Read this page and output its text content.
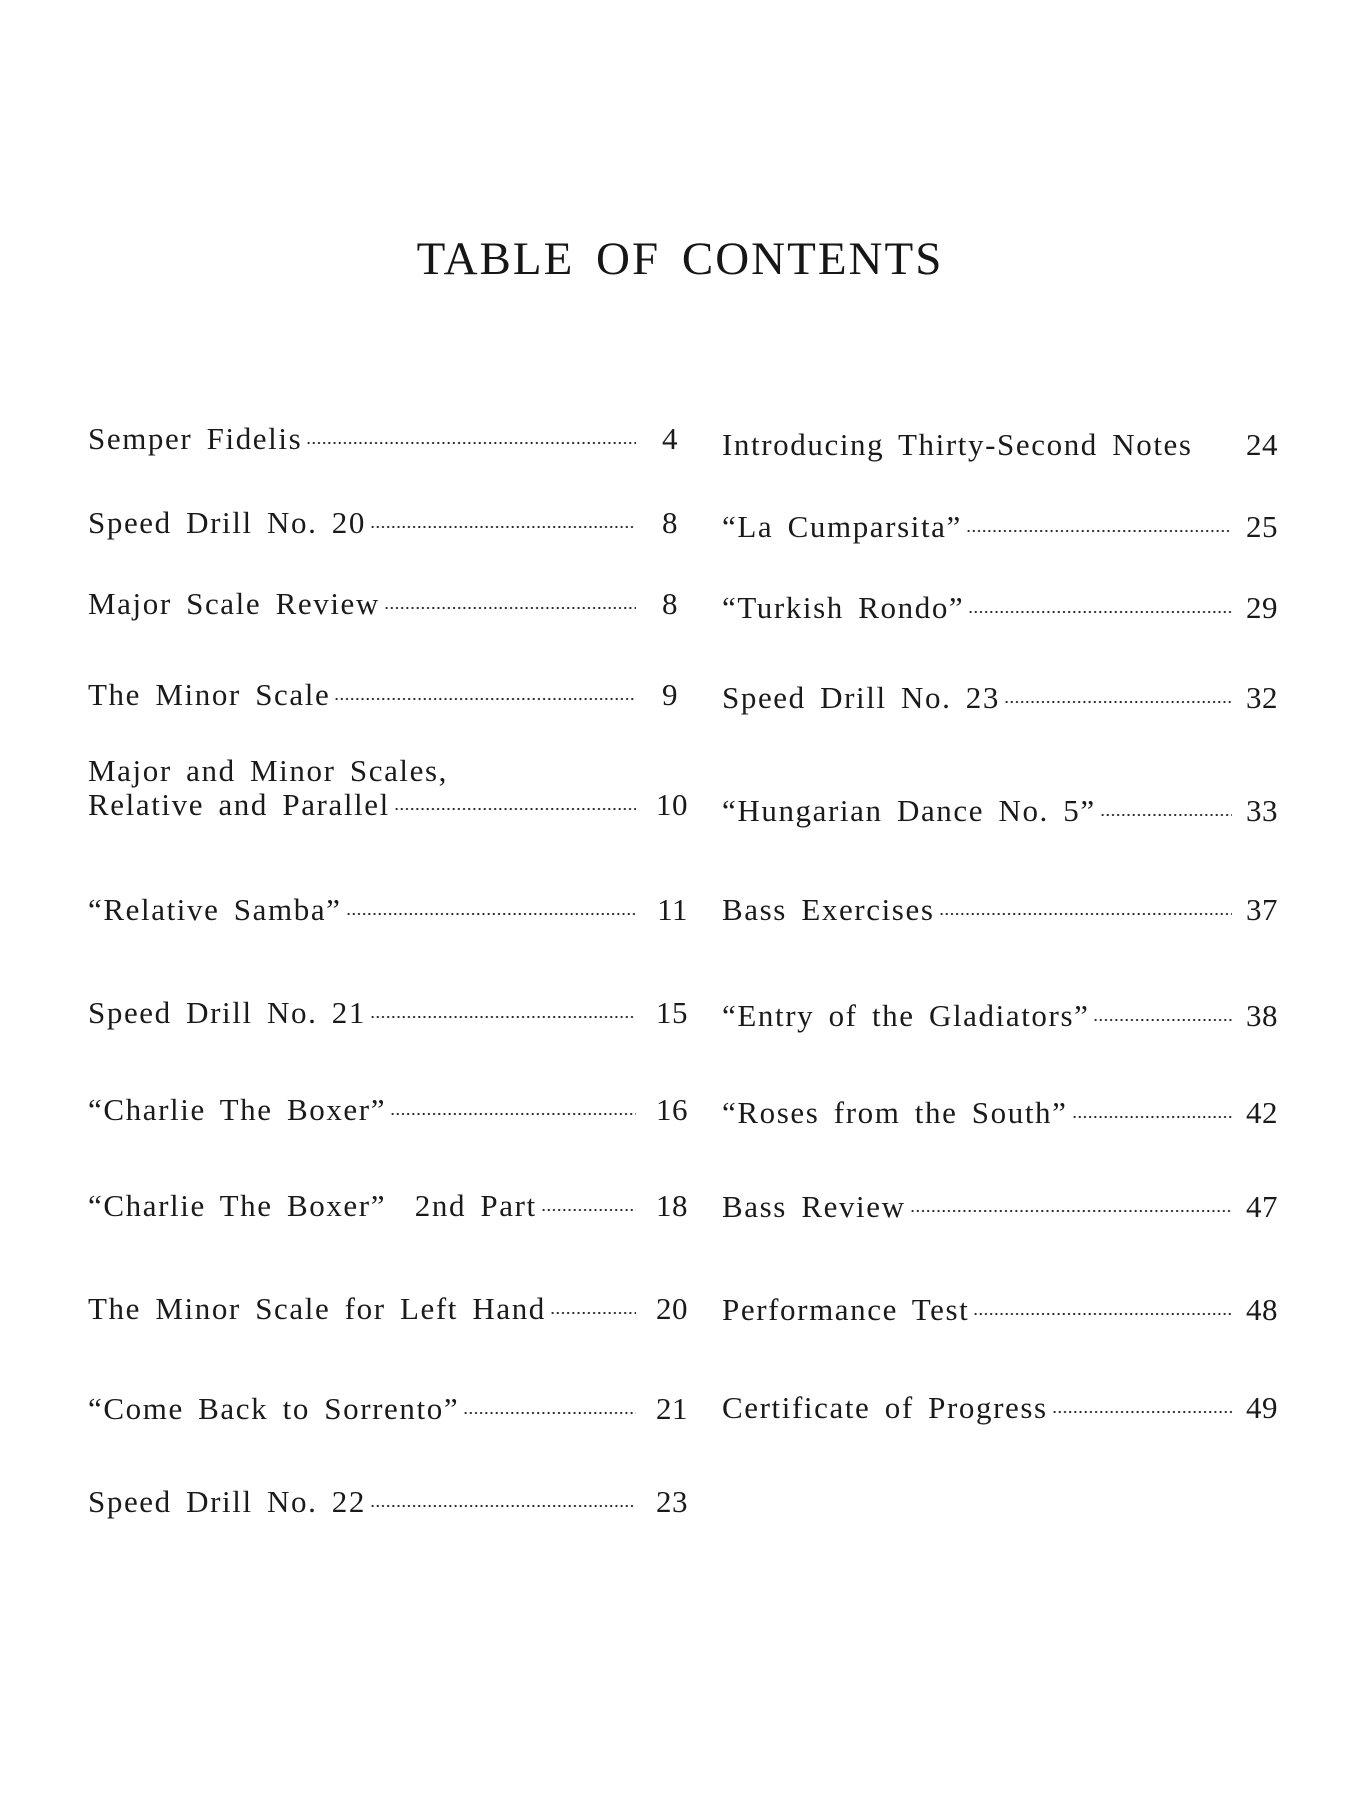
TABLE OF CONTENTS
Semper Fidelis	4
Speed Drill No. 20	8
Major Scale Review	8
The Minor Scale	9
Major and Minor Scales,
Relative and Parallel	10
“Relative Samba”	11
Speed Drill No. 21	15
“Charlie The Boxer”	16
“Charlie The Boxer”  2nd Part	18
The Minor Scale for Left Hand	20
“Come Back to Sorrento”	21
Speed Drill No. 22	23
Introducing Thirty-Second Notes 24
“La Cumparsita”	25
“Turkish Rondo”	29
Speed Drill No. 23	32
“Hungarian Dance No. 5”	33
Bass Exercises	37
“Entry of the Gladiators”	38
“Roses from the South”	42
Bass Review	47
Performance Test	48
Certificate of Progress	49
